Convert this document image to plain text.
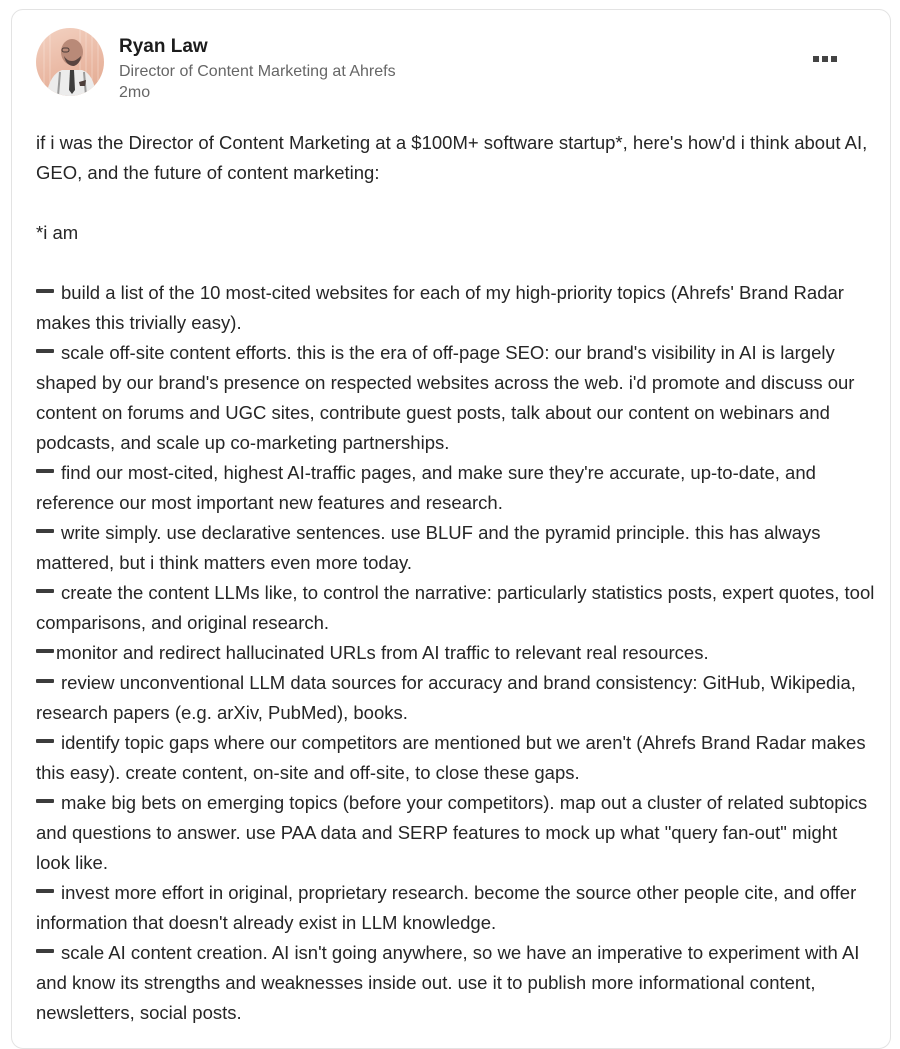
Ryan Law
Director of Content Marketing at Ahrefs
2mo

if i was the Director of Content Marketing at a $100M+ software startup*, here's how'd i think about AI, GEO, and the future of content marketing:

*i am

build a list of the 10 most-cited websites for each of my high-priority topics (Ahrefs' Brand Radar makes this trivially easy).

scale off-site content efforts. this is the era of off-page SEO: our brand's visibility in AI is largely shaped by our brand's presence on respected websites across the web. i'd promote and discuss our content on forums and UGC sites, contribute guest posts, talk about our content on webinars and podcasts, and scale up co-marketing partnerships.

find our most-cited, highest AI-traffic pages, and make sure they're accurate, up-to-date, and reference our most important new features and research.

write simply. use declarative sentences. use BLUF and the pyramid principle. this has always mattered, but i think matters even more today.

create the content LLMs like, to control the narrative: particularly statistics posts, expert quotes, tool comparisons, and original research.

monitor and redirect hallucinated URLs from AI traffic to relevant real resources.

review unconventional LLM data sources for accuracy and brand consistency: GitHub, Wikipedia, research papers (e.g. arXiv, PubMed), books.

identify topic gaps where our competitors are mentioned but we aren't (Ahrefs Brand Radar makes this easy). create content, on-site and off-site, to close these gaps.

make big bets on emerging topics (before your competitors). map out a cluster of related subtopics and questions to answer. use PAA data and SERP features to mock up what "query fan-out" might look like.

invest more effort in original, proprietary research. become the source other people cite, and offer information that doesn't already exist in LLM knowledge.

scale AI content creation. AI isn't going anywhere, so we have an imperative to experiment with AI and know its strengths and weaknesses inside out. use it to publish more informational content, newsletters, social posts.
